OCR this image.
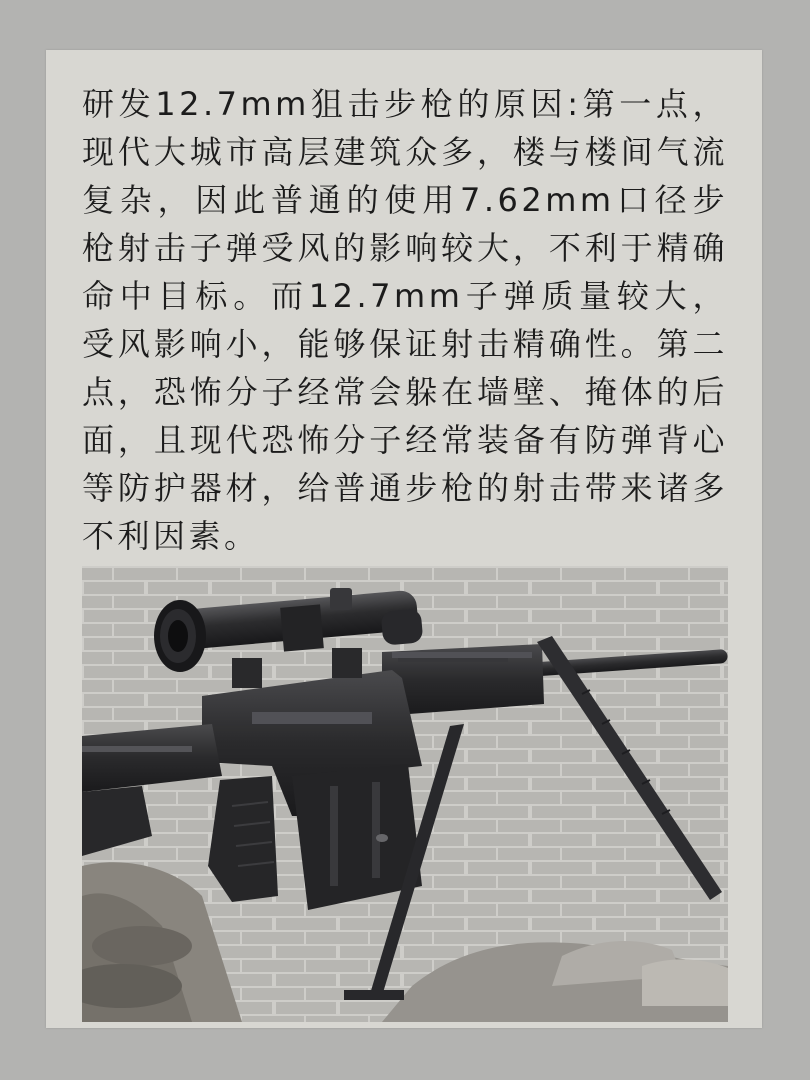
研发12.7mm狙击步枪的原因:第一点，现代大城市高层建筑众多，楼与楼间气流复杂，因此普通的使用7.62mm口径步枪射击子弹受风的影响较大，不利于精确命中目标。而12.7mm子弹质量较大，受风影响小，能够保证射击精确性。第二点，恐怖分子经常会躲在墙壁、掩体的后面，且现代恐怖分子经常装备有防弹背心等防护器材，给普通步枪的射击带来诸多不利因素。
